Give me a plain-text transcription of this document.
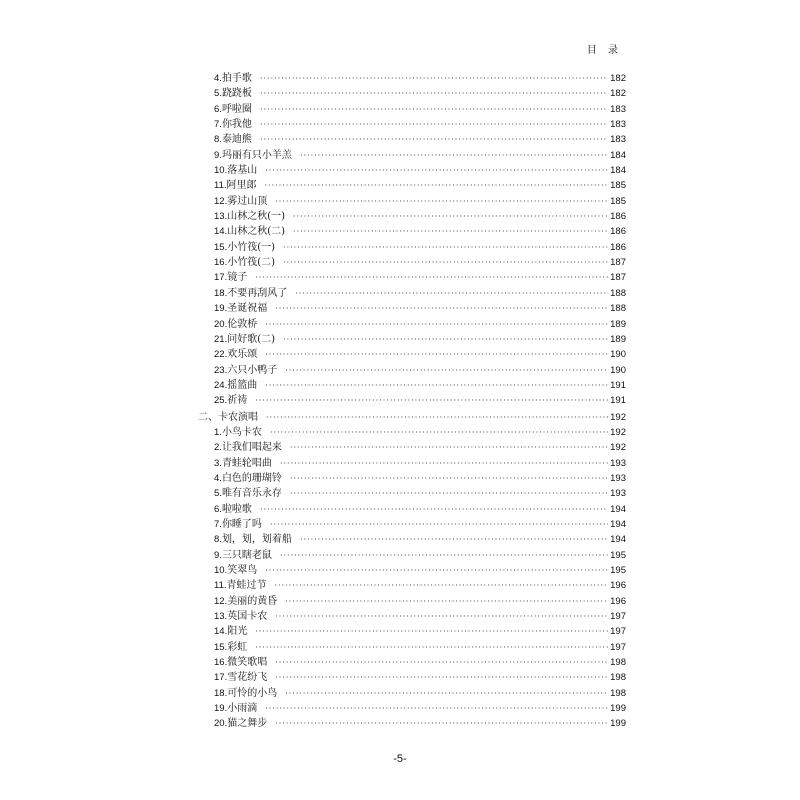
目 录
4. 拍手歌 ·····	182
5. 跷跷板 ·····	182
6. 呼啦圈 ·····	183
7. 你我他 ·····	183
8. 泰迪熊 ·····	183
9. 玛丽有只小羊羔 ·····	184
10. 落基山 ·····	184
11. 阿里郎 ·····	185
12. 雾过山顶 ·····	185
13. 山林之秋(一) ·····	186
14. 山林之秋(二) ·····	186
15. 小竹筏(一) ·····	186
16. 小竹筏(二) ·····	187
17. 镜子 ·····	187
18. 不要再刮风了 ·····	188
19. 圣诞祝福 ·····	188
20. 伦敦桥 ·····	189
21. 问好歌(二) ·····	189
22. 欢乐颂 ·····	190
23. 六只小鸭子 ·····	190
24. 摇篮曲 ·····	191
25. 祈祷 ·····	191
二、卡农演唱 ·····	192
1. 小鸟卡农 ·····	192
2. 让我们唱起来 ·····	192
3. 青蛙轮唱曲 ·····	193
4. 白色的珊瑚铃 ·····	193
5. 唯有音乐永存 ·····	193
6. 啦啦歌 ·····	194
7. 你睡了吗 ·····	194
8. 划，划，划着船 ·····	194
9. 三只瞎老鼠 ·····	195
10. 笑翠鸟 ·····	195
11. 青蛙过节 ·····	196
12. 美丽的黄昏 ·····	196
13. 英国卡农 ·····	197
14. 阳光 ·····	197
15. 彩虹 ·····	197
16. 微笑歌唱 ·····	198
17. 雪花纷飞 ·····	198
18. 可怜的小鸟 ·····	198
19. 小雨滴 ·····	199
20. 猫之舞步 ·····	199
-5-
